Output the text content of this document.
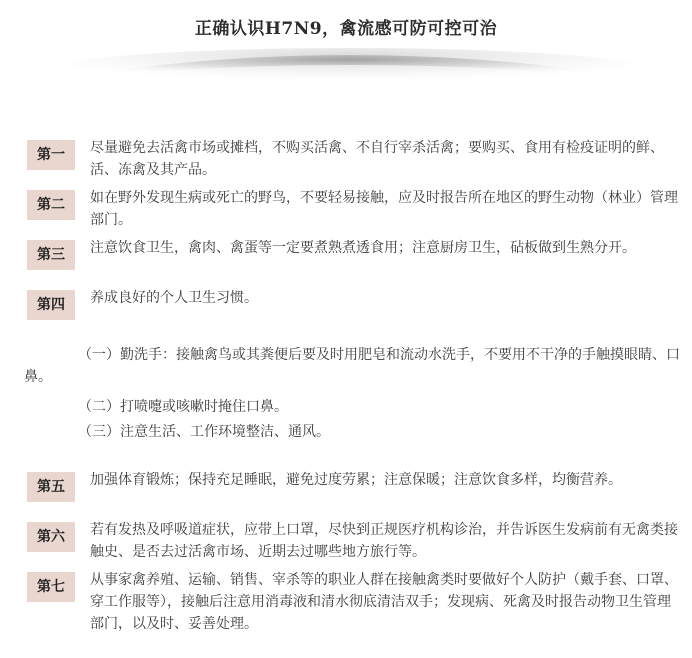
正确认识H7N9，禽流感可防可控可治
第一	尽量避免去活禽市场或摊档，不购买活禽、不自行宰杀活禽；要购买、食用有检疫证明的鲜、活、冻禽及其产品。
第二	如在野外发现生病或死亡的野鸟，不要轻易接触，应及时报告所在地区的野生动物（林业）管理部门。
第三	注意饮食卫生，禽肉、禽蛋等一定要煮熟煮透食用；注意厨房卫生，砧板做到生熟分开。
第四	养成良好的个人卫生习惯。
（一）勤洗手：接触禽鸟或其粪便后要及时用肥皂和流动水洗手，不要用不干净的手触摸眼睛、口鼻。
（二）打喷嚏或咳嗽时掩住口鼻。
（三）注意生活、工作环境整洁、通风。
第五	加强体育锻炼；保持充足睡眠，避免过度劳累；注意保暖；注意饮食多样，均衡营养。
第六	若有发热及呼吸道症状，应带上口罩，尽快到正规医疗机构诊治，并告诉医生发病前有无禽类接触史、是否去过活禽市场、近期去过哪些地方旅行等。
第七	从事家禽养殖、运输、销售、宰杀等的职业人群在接触禽类时要做好个人防护（戴手套、口罩、穿工作服等），接触后注意用消毒液和清水彻底清洁双手；发现病、死禽及时报告动物卫生管理部门，以及时、妥善处理。
